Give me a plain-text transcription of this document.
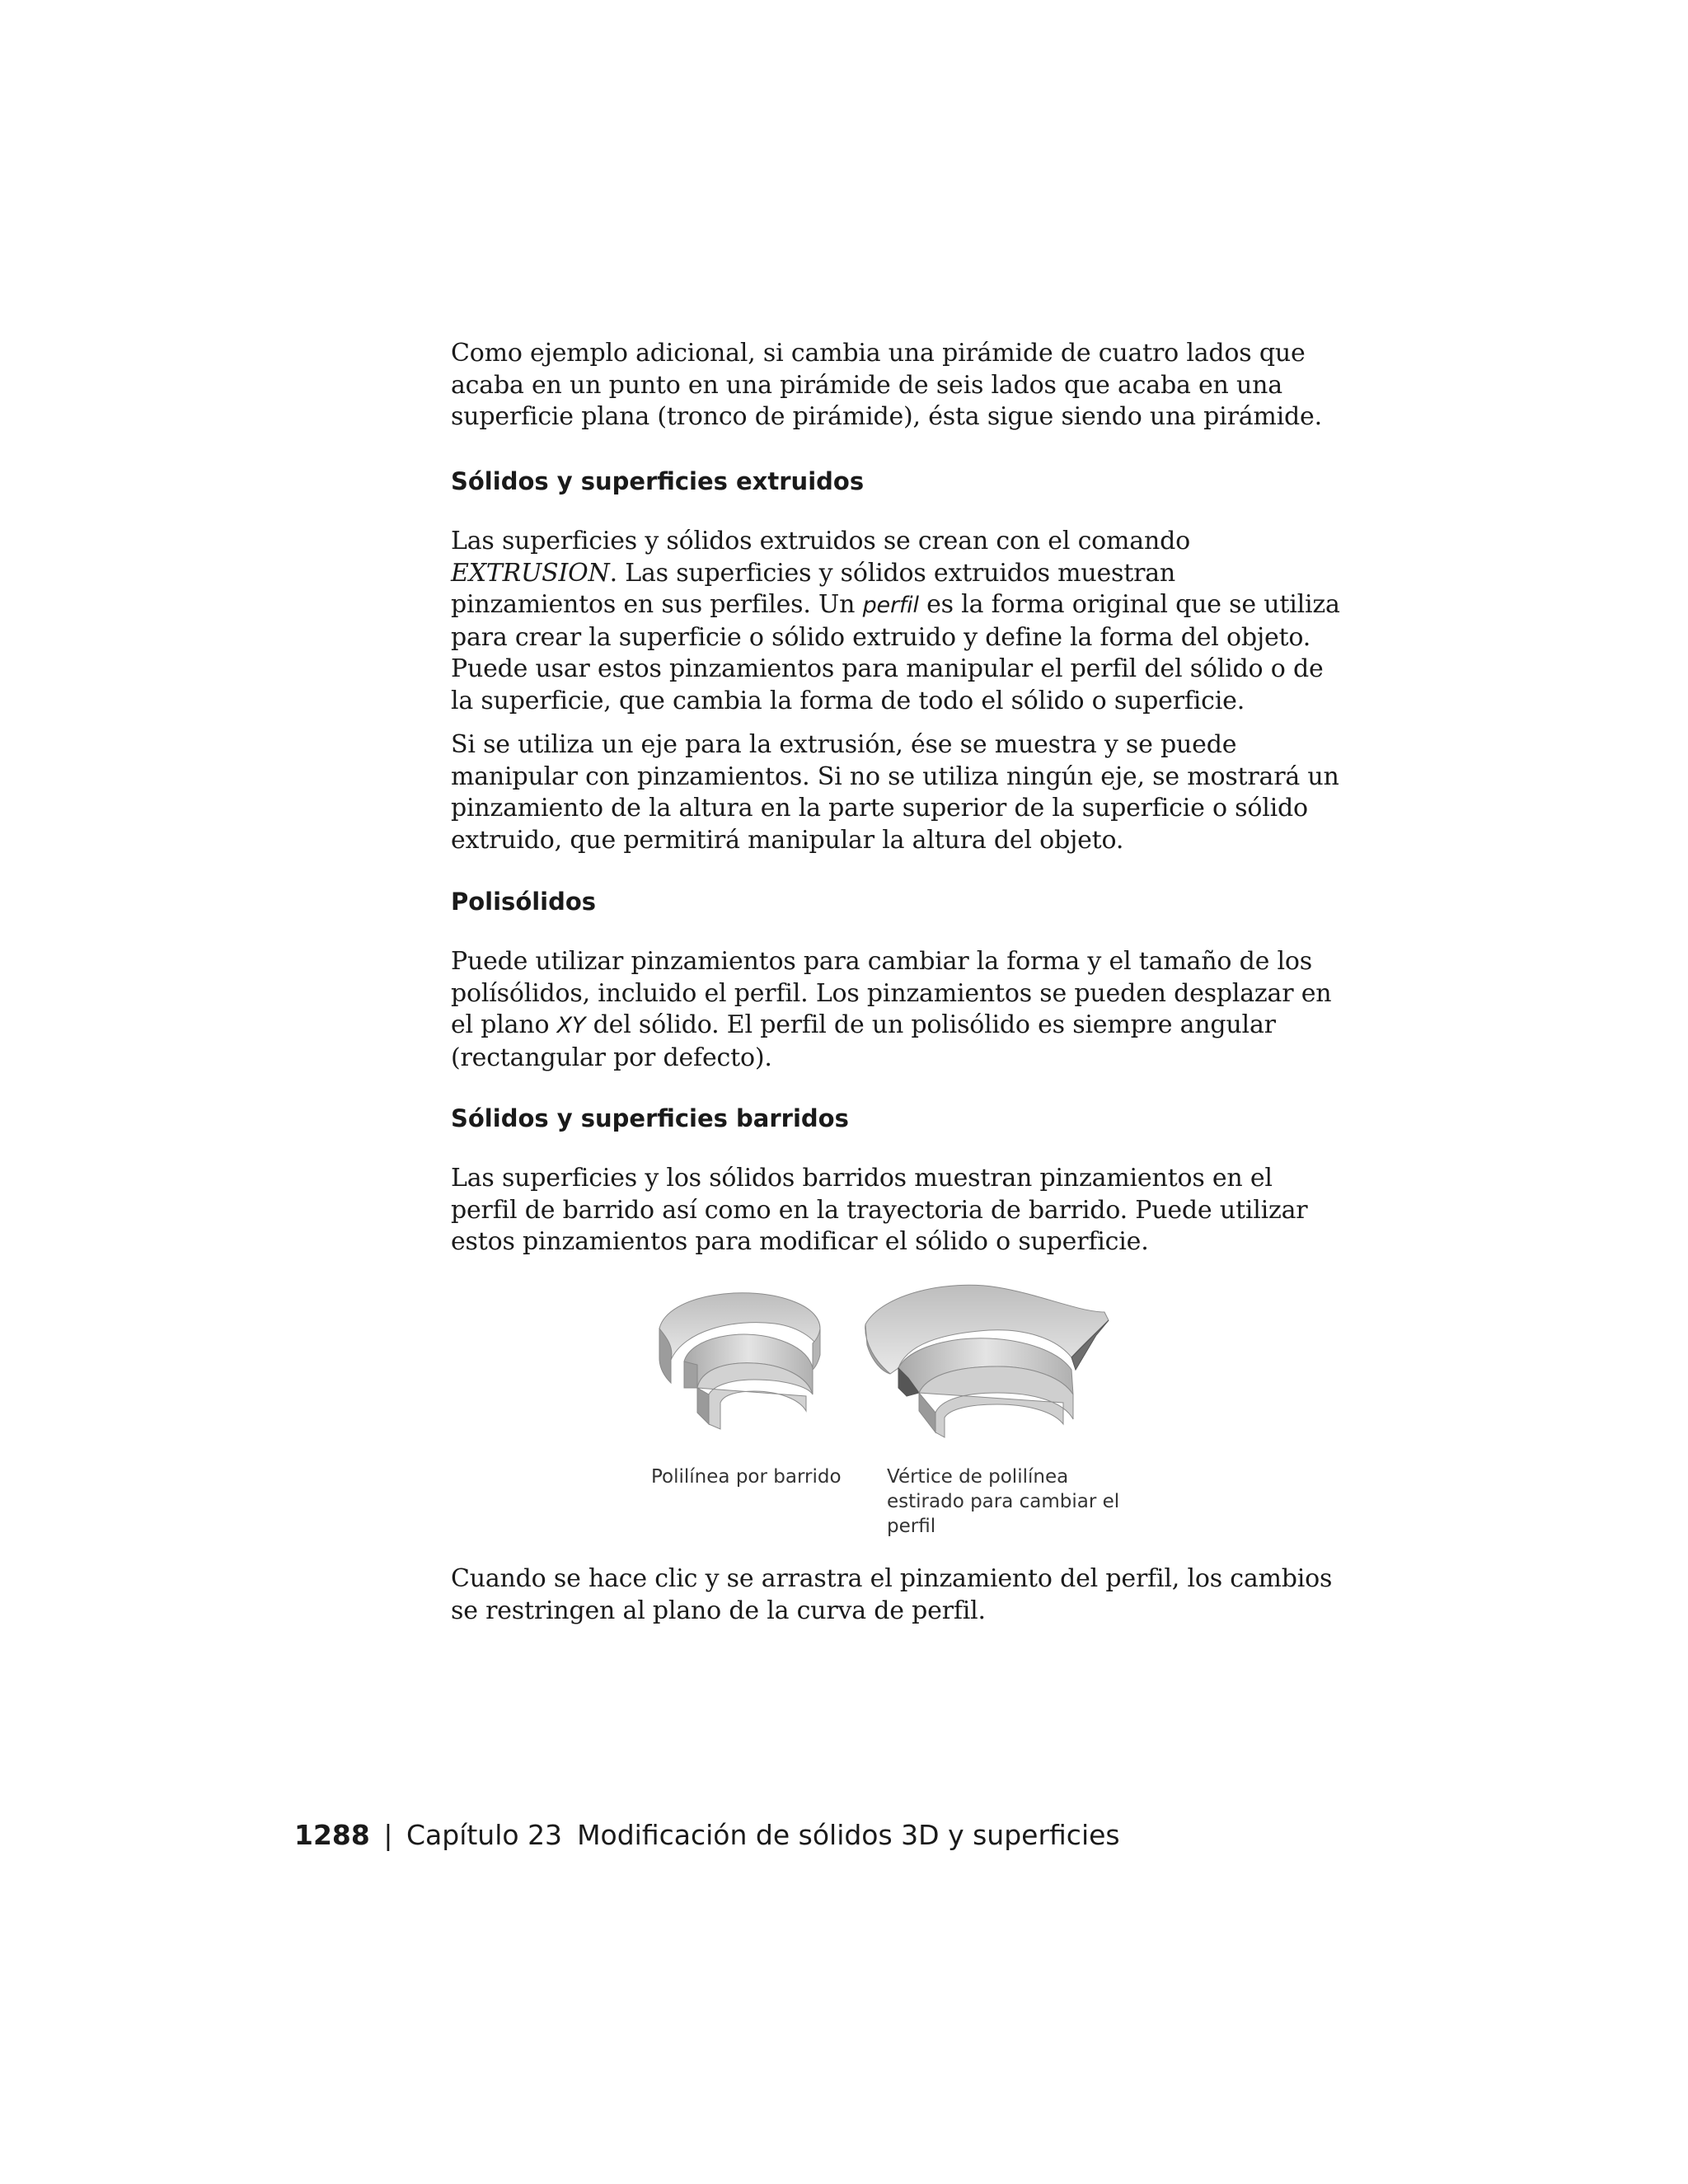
Como ejemplo adicional, si cambia una pirámide de cuatro lados que acaba en un punto en una pirámide de seis lados que acaba en una superficie plana (tronco de pirámide), ésta sigue siendo una pirámide.

Sólidos y superficies extruidos

Las superficies y sólidos extruidos se crean con el comando EXTRUSION. Las superficies y sólidos extruidos muestran pinzamientos en sus perfiles. Un perfil es la forma original que se utiliza para crear la superficie o sólido extruido y define la forma del objeto. Puede usar estos pinzamientos para manipular el perfil del sólido o de la superficie, que cambia la forma de todo el sólido o superficie.

Si se utiliza un eje para la extrusión, ése se muestra y se puede manipular con pinzamientos. Si no se utiliza ningún eje, se mostrará un pinzamiento de la altura en la parte superior de la superficie o sólido extruido, que permitirá manipular la altura del objeto.

Polisólidos

Puede utilizar pinzamientos para cambiar la forma y el tamaño de los polísólidos, incluido el perfil. Los pinzamientos se pueden desplazar en el plano XY del sólido. El perfil de un polisólido es siempre angular (rectangular por defecto).

Sólidos y superficies barridos

Las superficies y los sólidos barridos muestran pinzamientos en el perfil de barrido así como en la trayectoria de barrido. Puede utilizar estos pinzamientos para modificar el sólido o superficie.

Polilínea por barrido	Vértice de polilínea estirado para cambiar el perfil

Cuando se hace clic y se arrastra el pinzamiento del perfil, los cambios se restringen al plano de la curva de perfil.

1288 | Capítulo 23 Modificación de sólidos 3D y superficies
